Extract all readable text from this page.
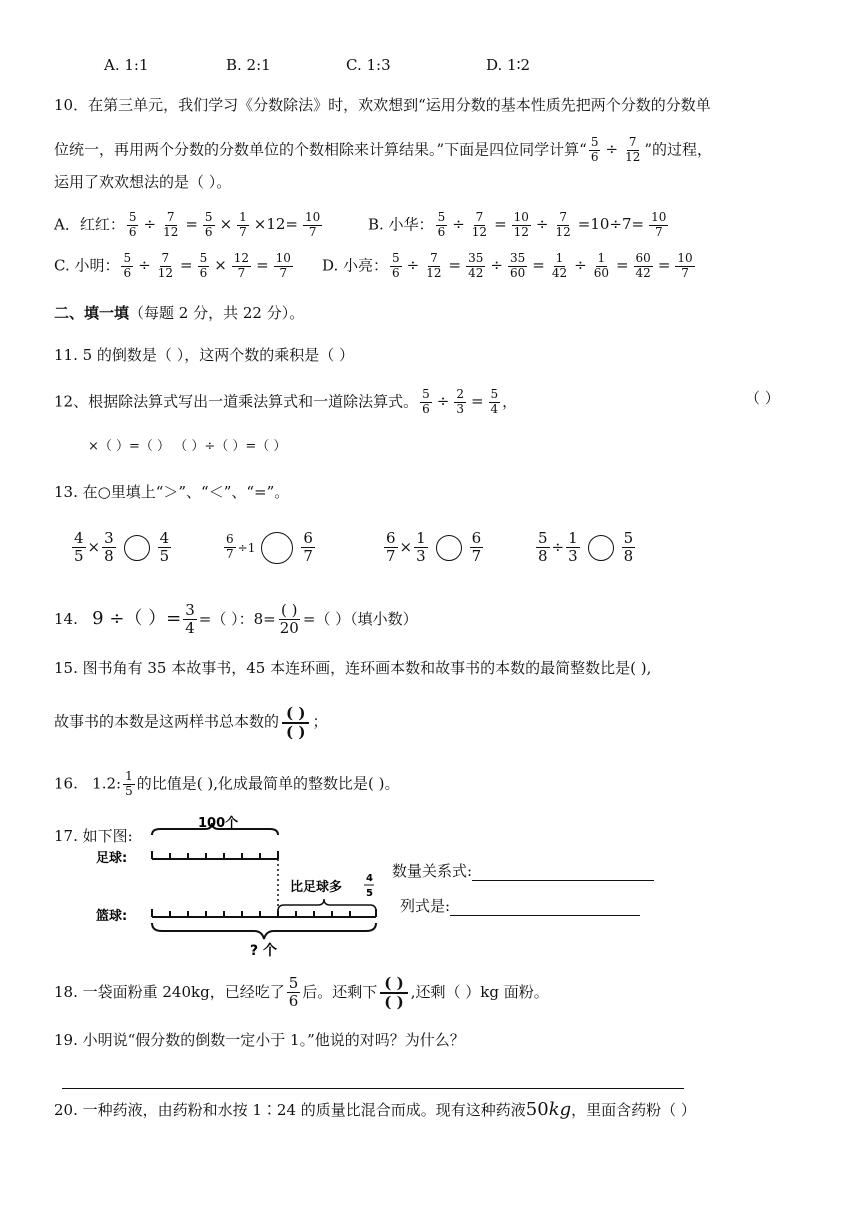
A. 1:1	B. 2:1	C. 1:3	D. 1∶2
10．在第三单元，我们学习《分数除法》时，欢欢想到“运用分数的基本性质先把两个分数的分数单
位统一，再用两个分数的分数单位的个数相除来计算结果。”下面是四位同学计算“ $\frac{5}{6} \div \frac{7}{12}$ ”的过程，
运用了欢欢想法的是（ ）。
A．红红： $\frac{5}{6} \div \frac{7}{12} = \frac{5}{6} \times \frac{1}{7} \times 12= \frac{10}{7}$	B. 小华： $\frac{5}{6} \div \frac{7}{12} = \frac{10}{12} \div \frac{7}{12} =10\div 7= \frac{10}{7}$
C. 小明： $\frac{5}{6} \div \frac{7}{12} = \frac{5}{6} \times \frac{12}{7} = \frac{10}{7} D$. 小亮： $\frac{5}{6} \div \frac{7}{12} = \frac{35}{42} \div \frac{35}{60} = \frac{1}{42} \div \frac{1}{60} = \frac{60}{42} = \frac{10}{7}$
二、填一填（每题 2 分，共 22 分）。
11. 5 的倒数是（ ），这两个数的乘积是（ ）
12、根据除法算式写出一道乘法算式和一道除法算式。 $\frac{5}{6} \div \frac{2}{3} = \frac{5}{4}$ ，	（ ）
×（ ）=（ ） （ ）÷（ ）=（ ）
13. 在○里填上“＞”、“＜”、“=”。
$\frac{4}{5} \times \frac{3}{8}$	$\frac{4}{5}$	$\frac{6}{7} \div 1$	$\frac{6}{7}$	$\frac{6}{7} \times \frac{1}{3}$	$\frac{6}{7}$	$\frac{5}{8} \div \frac{1}{3}$	$\frac{5}{8}$
14. 9 ÷（ ）= $\frac{3}{4}$ =（ ）：$8= \frac{( )}{20}$ =（ ）（填小数）
15. 图书角有 35 本故事书，45 本连环画，连环画本数和故事书的本数的最简整数比是( ),
故事书的本数是这两样书总本数的 $\frac{( )}{( )}$ ；
16. 1.2: $\frac{1}{5}$ 的比值是( ),化成最简单的整数比是( )。
17. 如下图:
100个
足球:
比足球多
4
5
篮球:
? 个
数量关系式:
列式是:
18. 一袋面粉重 240kg，已经吃了 $\frac{5}{6}$ 后。还剩下 $\frac{( )}{( )}$ ,还剩（ ）kg 面粉。
19. 小明说“假分数的倒数一定小于 1。”他说的对吗？为什么？
20. 一种药液，由药粉和水按 1∶24 的质量比混合而成。现有这种药液50kg，里面含药粉（ ）
